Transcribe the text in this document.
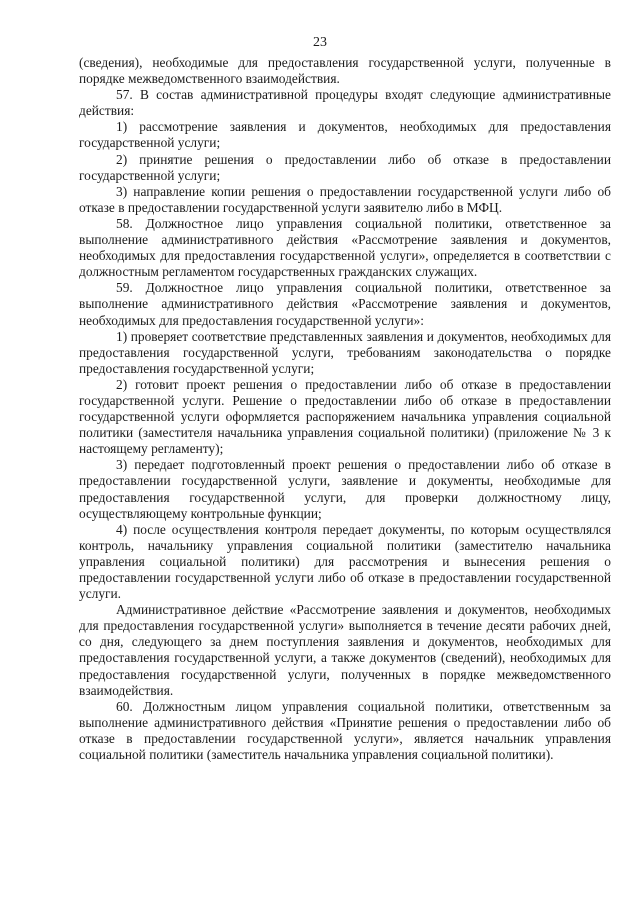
23

(сведения), необходимые для предоставления государственной услуги, полученные в порядке межведомственного взаимодействия.

57. В состав административной процедуры входят следующие административные действия:

1) рассмотрение заявления и документов, необходимых для предоставления государственной услуги;

2) принятие решения о предоставлении либо об отказе в предоставлении государственной услуги;

3) направление копии решения о предоставлении государственной услуги либо об отказе в предоставлении государственной услуги заявителю либо в МФЦ.

58. Должностное лицо управления социальной политики, ответственное за выполнение административного действия «Рассмотрение заявления и документов, необходимых для предоставления государственной услуги», определяется в соответствии с должностным регламентом государственных гражданских служащих.

59. Должностное лицо управления социальной политики, ответственное за выполнение административного действия «Рассмотрение заявления и документов, необходимых для предоставления государственной услуги»:

1) проверяет соответствие представленных заявления и документов, необходимых для предоставления государственной услуги, требованиям законодательства о порядке предоставления государственной услуги;

2) готовит проект решения о предоставлении либо об отказе в предоставлении государственной услуги. Решение о предоставлении либо об отказе в предоставлении государственной услуги оформляется распоряжением начальника управления социальной политики (заместителя начальника управления социальной политики) (приложение № 3 к настоящему регламенту);

3) передает подготовленный проект решения о предоставлении либо об отказе в предоставлении государственной услуги, заявление и документы, необходимые для предоставления государственной услуги, для проверки должностному лицу, осуществляющему контрольные функции;

4) после осуществления контроля передает документы, по которым осуществлялся контроль, начальнику управления социальной политики (заместителю начальника управления социальной политики) для рассмотрения и вынесения решения о предоставлении государственной услуги либо об отказе в предоставлении государственной услуги.

Административное действие «Рассмотрение заявления и документов, необходимых для предоставления государственной услуги» выполняется в течение десяти рабочих дней, со дня, следующего за днем поступления заявления и документов, необходимых для предоставления государственной услуги, а также документов (сведений), необходимых для предоставления государственной услуги, полученных в порядке межведомственного взаимодействия.

60. Должностным лицом управления социальной политики, ответственным за выполнение административного действия «Принятие решения о предоставлении либо об отказе в предоставлении государственной услуги», является начальник управления социальной политики (заместитель начальника управления социальной политики).
